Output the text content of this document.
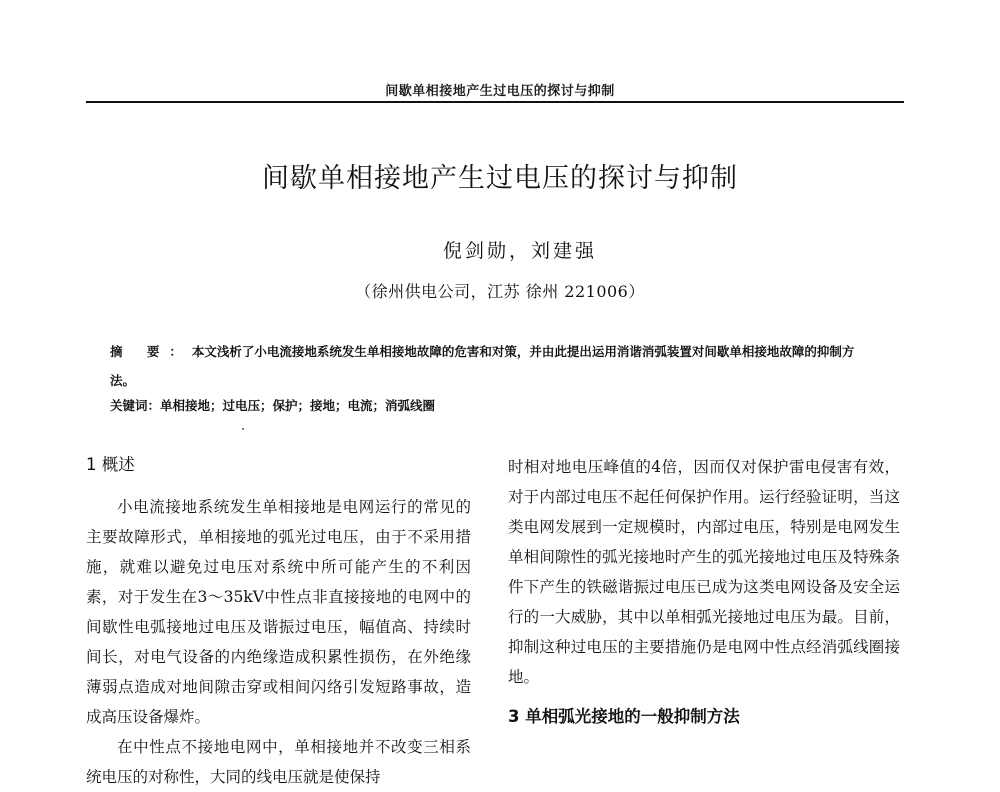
间歇单相接地产生过电压的探讨与抑制
间歇单相接地产生过电压的探讨与抑制
倪剑勋，刘建强
（徐州供电公司，江苏 徐州 221006）
摘 要：本文浅析了小电流接地系统发生单相接地故障的危害和对策，并由此提出运用消谐消弧装置对间歇单相接地故障的抑制方法。
关键词：单相接地；过电压；保护；接地；电流；消弧线圈
1 概述

小电流接地系统发生单相接地是电网运行的常见的主要故障形式，单相接地的弧光过电压，由于不采用措施，就难以避免过电压对系统中所可能产生的不利因素，对于发生在3～35kV中性点非直接接地的电网中的间歇性电弧接地过电压及谐振过电压，幅值高、持续时间长，对电气设备的内绝缘造成积累性损伤，在外绝缘薄弱点造成对地间隙击穿或相间闪络引发短路事故，造成高压设备爆炸。

在中性点不接地电网中，单相接地并不改变三相系统电压的对称性，大同的线电压就是使保持

时相对地电压峰值的4倍，因而仅对保护雷电侵害有效，对于内部过电压不起任何保护作用。运行经验证明，当这类电网发展到一定规模时，内部过电压，特别是电网发生单相间隙性的弧光接地时产生的弧光接地过电压及特殊条件下产生的铁磁谐振过电压已成为这类电网设备及安全运行的一大威胁，其中以单相弧光接地过电压为最。目前，抑制这种过电压的主要措施仍是电网中性点经消弧线圈接地。

3 单相弧光接地的一般抑制方法
